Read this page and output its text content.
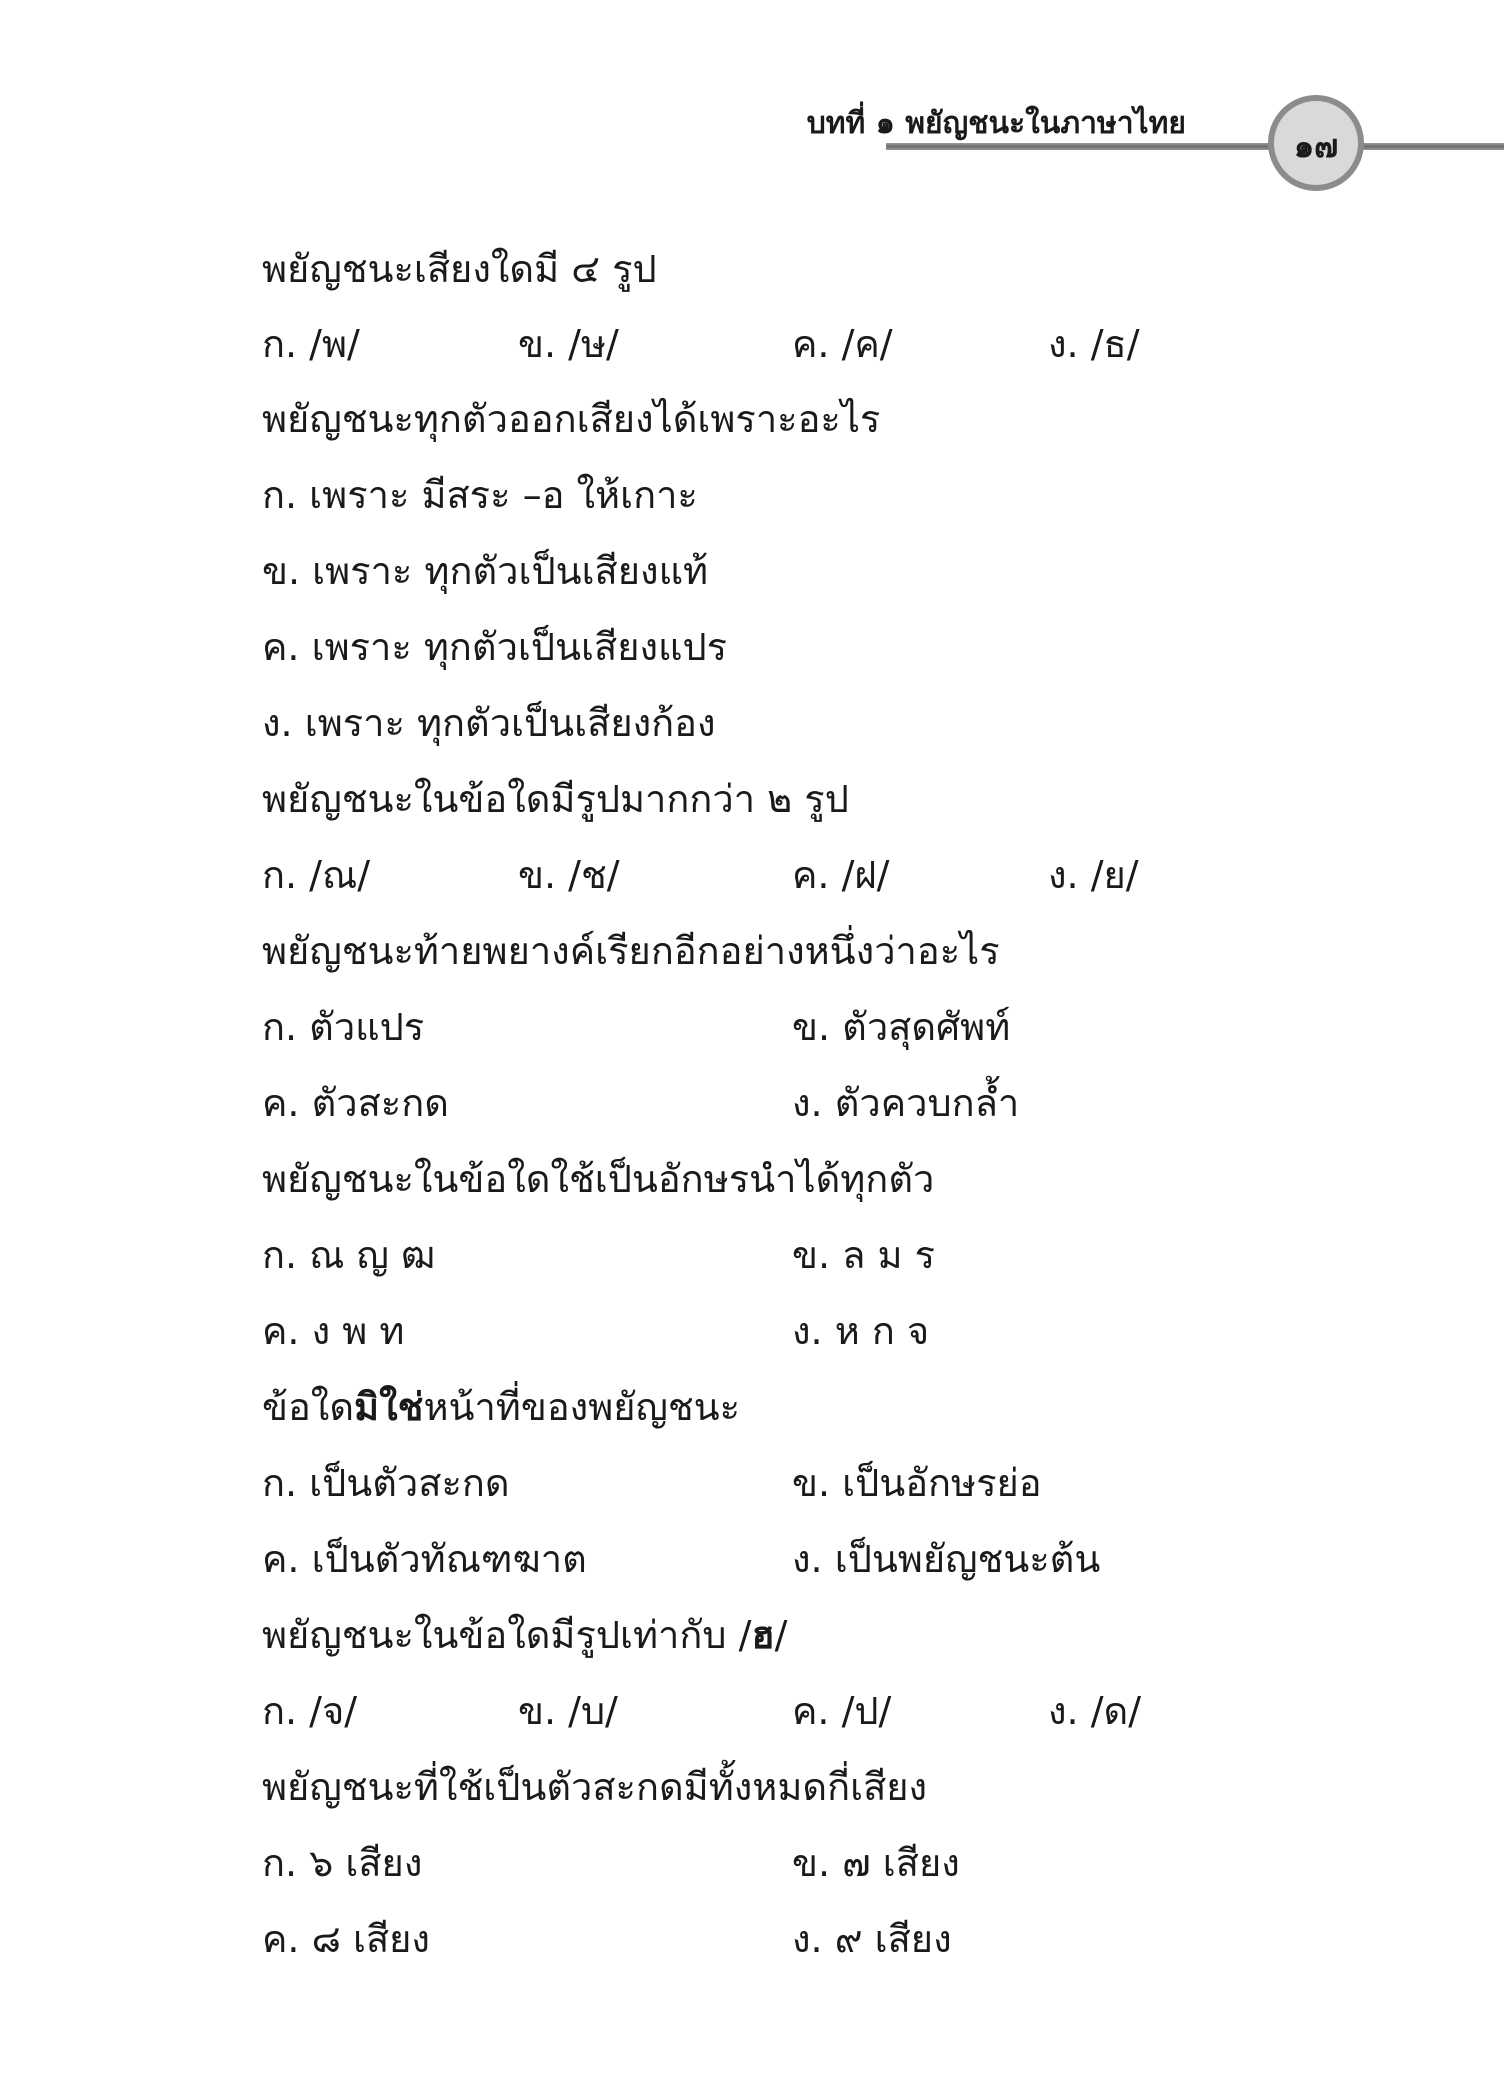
บทที่ ๑ พยัญชนะในภาษาไทย
๑๗
พยัญชนะเสียงใดมี ๔ รูป
ก. /พ/	ข. /ษ/	ค. /ค/	ง. /ธ/
พยัญชนะทุกตัวออกเสียงได้เพราะอะไร
ก. เพราะ มีสระ –อ ให้เกาะ
ข. เพราะ ทุกตัวเป็นเสียงแท้
ค. เพราะ ทุกตัวเป็นเสียงแปร
ง. เพราะ ทุกตัวเป็นเสียงก้อง
พยัญชนะในข้อใดมีรูปมากกว่า ๒ รูป
ก. /ณ/	ข. /ช/	ค. /ฝ/	ง. /ย/
พยัญชนะท้ายพยางค์เรียกอีกอย่างหนึ่งว่าอะไร
ก. ตัวแปร	ข. ตัวสุดศัพท์
ค. ตัวสะกด	ง. ตัวควบกล้ำ
พยัญชนะในข้อใดใช้เป็นอักษรนำได้ทุกตัว
ก. ณ ญ ฒ	ข. ล ม ร
ค. ง พ ท	ง. ห ก จ
ข้อใดมิใช่หน้าที่ของพยัญชนะ
ก. เป็นตัวสะกด	ข. เป็นอักษรย่อ
ค. เป็นตัวทัณฑฆาต	ง. เป็นพยัญชนะต้น
พยัญชนะในข้อใดมีรูปเท่ากับ /ฮ/
ก. /จ/	ข. /บ/	ค. /ป/	ง. /ด/
พยัญชนะที่ใช้เป็นตัวสะกดมีทั้งหมดกี่เสียง
ก. ๖ เสียง	ข. ๗ เสียง
ค. ๘ เสียง	ง. ๙ เสียง
